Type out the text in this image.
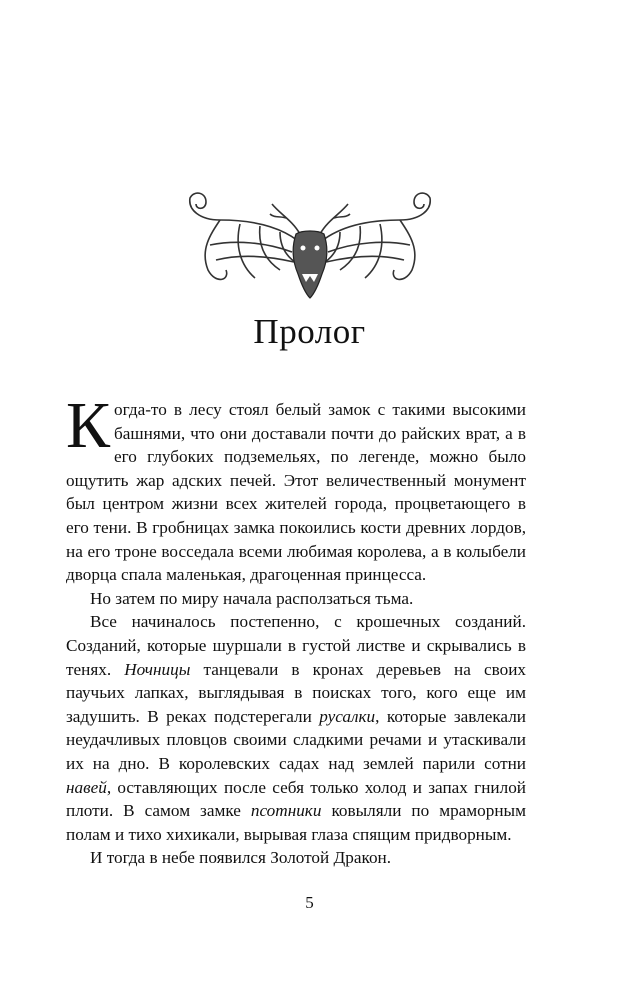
Пролог

Когда-то в лесу стоял белый замок с такими высокими башнями, что они доставали почти до райских врат, а в его глубоких подземельях, по легенде, можно было ощутить жар адских печей. Этот величественный монумент был центром жизни всех жителей города, процветающего в его тени. В гробницах замка покоились кости древних лордов, на его троне восседала всеми любимая королева, а в колыбели дворца спала маленькая, драгоценная принцесса.

Но затем по миру начала расползаться тьма.

Все начиналось постепенно, с крошечных созданий. Созданий, которые шуршали в густой листве и скрывались в тенях. Ночницы танцевали в кронах деревьев на своих паучьих лапках, выглядывая в поисках того, кого еще им задушить. В реках подстерегали русалки, которые завлекали неудачливых пловцов своими сладкими речами и утаскивали их на дно. В королевских садах над землей парили сотни навей, оставляющих после себя только холод и запах гнилой плоти. В самом замке псотники ковыляли по мраморным полам и тихо хихикали, вырывая глаза спящим придворным.

И тогда в небе появился Золотой Дракон.

5
